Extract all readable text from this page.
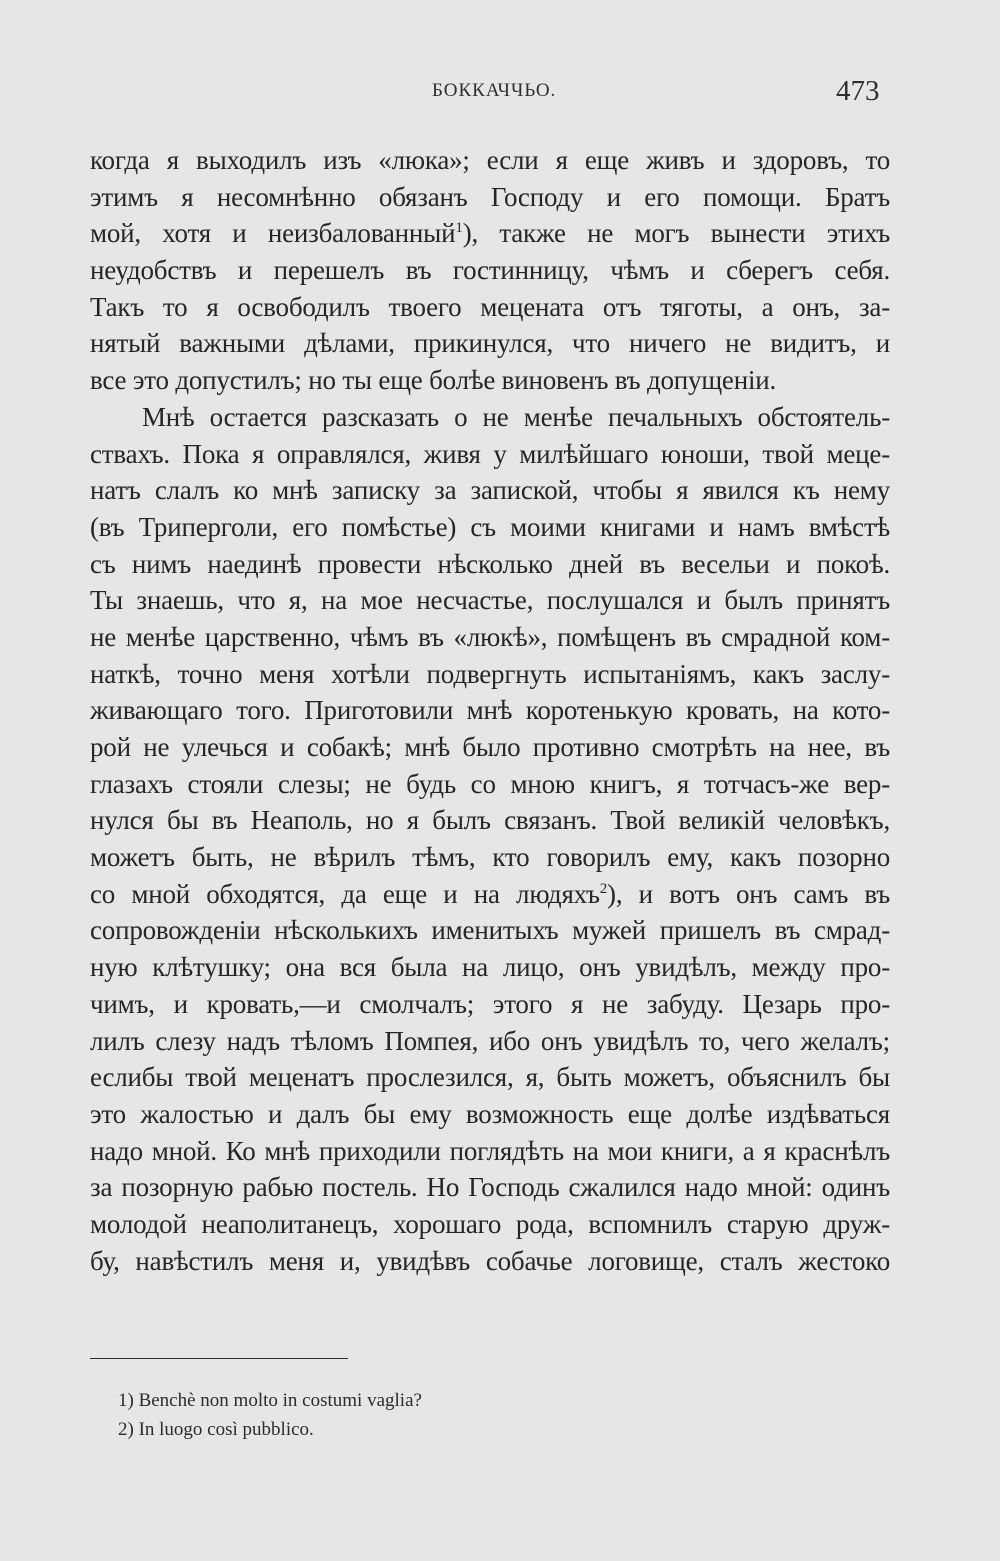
БОККАЧЧЬО.	473
когда я выходилъ изъ «люка»; если я еще живъ и здоровъ, то
этимъ я несомнѣнно обязанъ Господу и его помощи. Братъ
мой, хотя и неизбалованный$^1$), также не могъ вынести этихъ
неудобствъ и перешелъ въ гостинницу, чѣмъ и сберегъ себя.
Такъ то я освободилъ твоего мецената отъ тяготы, а онъ, за-
нятый важными дѣлами, прикинулся, что ничего не видитъ, и
все это допустилъ; но ты еще болѣе виновенъ въ допущенiи.
Мнѣ остается разсказать о не менѣе печальныхъ обстоятель-
ствахъ. Пока я оправлялся, живя у милѣйшаго юноши, твой мецe-
натъ слалъ ко мнѣ записку за запиской, чтобы я явился къ нему
(въ Триперголи, его помѣстье) съ моими книгами и намъ вмѣстѣ
съ нимъ наединѣ провести нѣсколько дней въ весельи и покоѣ.
Ты знаешь, что я, на мое несчастье, послушался и былъ принятъ
не менѣе царственно, чѣмъ въ «люкѣ», помѣщенъ въ смрадной ком-
наткѣ, точно меня хотѣли подвергнуть испытанiямъ, какъ заслу-
живающаго того. Приготовили мнѣ коротенькую кровать, на кото-
рой не улечься и собакѣ; мнѣ было противно смотрѣть на нее, въ
глазахъ стояли слезы; не будь со мною книгъ, я тотчасъ-же вер-
нулся бы въ Неаполь, но я былъ связанъ. Твой великiй человѣкъ,
можетъ быть, не вѣрилъ тѣмъ, кто говорилъ ему, какъ позорно
со мной обходятся, да еще и на людяхъ$^2$), и вотъ онъ самъ въ
сопровожденiи нѣсколькихъ именитыхъ мужей пришелъ въ смрад-
ную клѣтушку; она вся была на лицо, онъ увидѣлъ, между про-
чимъ, и кровать,—и смолчалъ; этого я не забуду. Цезарь про-
лилъ слезу надъ тѣломъ Помпея, ибо онъ увидѣлъ то, чего желалъ;
еслибы твой меценатъ прослезился, я, быть можетъ, объяснилъ бы
это жалостью и далъ бы ему возможность еще долѣе издѣваться
надо мной. Ко мнѣ приходили поглядѣть на мои книги, а я краснѣлъ
за позорную рабью постель. Но Господь сжалился надо мной: одинъ
молодой неаполитанецъ, хорошаго рода, вспомнилъ старую друж-
бу, навѣстилъ меня и, увидѣвъ собачье логовище, сталъ жестоко
1) Benchè non molto in costumi vaglia?
2) In luogo così pubblico.
